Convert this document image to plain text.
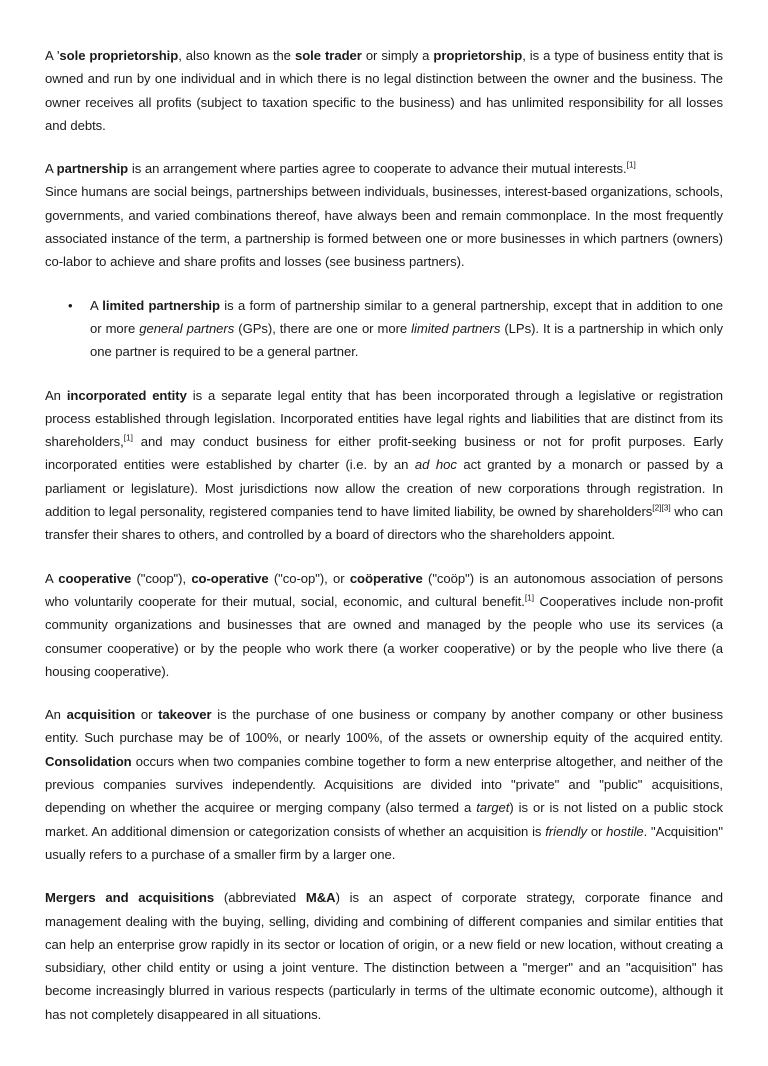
A 'sole proprietorship, also known as the sole trader or simply a proprietorship, is a type of business entity that is owned and run by one individual and in which there is no legal distinction between the owner and the business. The owner receives all profits (subject to taxation specific to the business) and has unlimited responsibility for all losses and debts.

A partnership is an arrangement where parties agree to cooperate to advance their mutual interests.[1]
Since humans are social beings, partnerships between individuals, businesses, interest-based organizations, schools, governments, and varied combinations thereof, have always been and remain commonplace. In the most frequently associated instance of the term, a partnership is formed between one or more businesses in which partners (owners) co-labor to achieve and share profits and losses (see business partners).

• A limited partnership is a form of partnership similar to a general partnership, except that in addition to one or more general partners (GPs), there are one or more limited partners (LPs). It is a partnership in which only one partner is required to be a general partner.

An incorporated entity is a separate legal entity that has been incorporated through a legislative or registration process established through legislation. Incorporated entities have legal rights and liabilities that are distinct from its shareholders,[1] and may conduct business for either profit-seeking business or not for profit purposes. Early incorporated entities were established by charter (i.e. by an ad hoc act granted by a monarch or passed by a parliament or legislature). Most jurisdictions now allow the creation of new corporations through registration. In addition to legal personality, registered companies tend to have limited liability, be owned by shareholders[2][3] who can transfer their shares to others, and controlled by a board of directors who the shareholders appoint.

A cooperative ("coop"), co-operative ("co-op"), or coöperative ("coöp") is an autonomous association of persons who voluntarily cooperate for their mutual, social, economic, and cultural benefit.[1] Cooperatives include non-profit community organizations and businesses that are owned and managed by the people who use its services (a consumer cooperative) or by the people who work there (a worker cooperative) or by the people who live there (a housing cooperative).

An acquisition or takeover is the purchase of one business or company by another company or other business entity. Such purchase may be of 100%, or nearly 100%, of the assets or ownership equity of the acquired entity. Consolidation occurs when two companies combine together to form a new enterprise altogether, and neither of the previous companies survives independently. Acquisitions are divided into "private" and "public" acquisitions, depending on whether the acquiree or merging company (also termed a target) is or is not listed on a public stock market. An additional dimension or categorization consists of whether an acquisition is friendly or hostile. "Acquisition" usually refers to a purchase of a smaller firm by a larger one.

Mergers and acquisitions (abbreviated M&A) is an aspect of corporate strategy, corporate finance and management dealing with the buying, selling, dividing and combining of different companies and similar entities that can help an enterprise grow rapidly in its sector or location of origin, or a new field or new location, without creating a subsidiary, other child entity or using a joint venture. The distinction between a "merger" and an "acquisition" has become increasingly blurred in various respects (particularly in terms of the ultimate economic outcome), although it has not completely disappeared in all situations.
